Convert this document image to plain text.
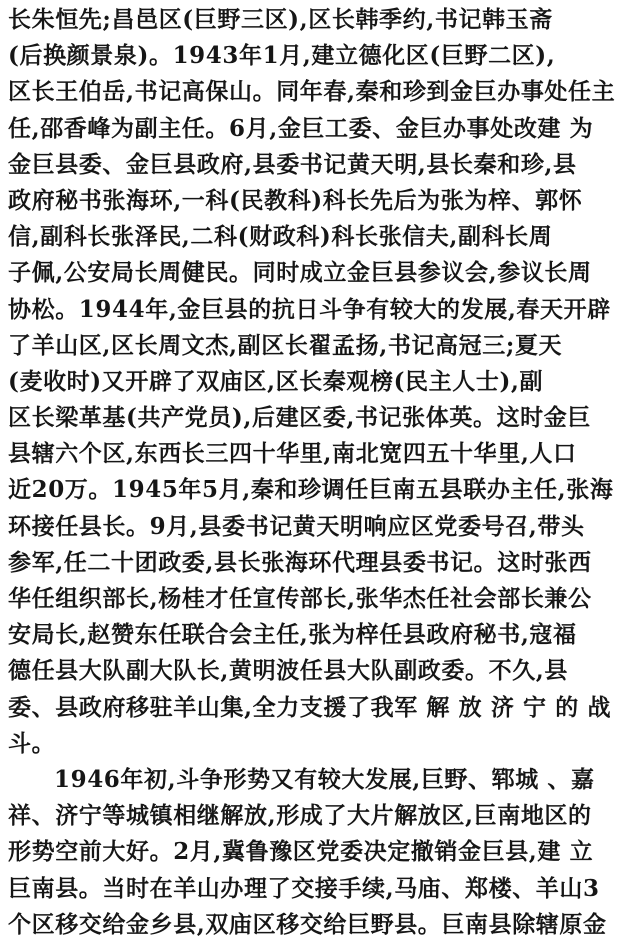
长朱恒先;昌邑区(巨野三区),区长韩季约,书记韩玉斋
(后换颜景泉)。1943年1月,建立德化区(巨野二区),
区长王伯岳,书记高保山。同年春,秦和珍到金巨办事处任主
任,邵香峰为副主任。6月,金巨工委、金巨办事处改建 为
金巨县委、金巨县政府,县委书记黄天明,县长秦和珍,县
政府秘书张海环,一科(民教科)科长先后为张为梓、郭怀
信,副科长张泽民,二科(财政科)科长张信夫,副科长周
子佩,公安局长周健民。同时成立金巨县参议会,参议长周
协松。1944年,金巨县的抗日斗争有较大的发展,春天开辟
了羊山区,区长周文杰,副区长翟孟扬,书记高冠三;夏天
(麦收时)又开辟了双庙区,区长秦观榜(民主人士),副
区长梁革基(共产党员),后建区委,书记张体英。这时金巨
县辖六个区,东西长三四十华里,南北宽四五十华里,人口
近20万。1945年5月,秦和珍调任巨南五县联办主任,张海
环接任县长。9月,县委书记黄天明响应区党委号召,带头
参军,任二十团政委,县长张海环代理县委书记。这时张西
华任组织部长,杨桂才任宣传部长,张华杰任社会部长兼公
安局长,赵赞东任联合会主任,张为梓任县政府秘书,寇福
德任县大队副大队长,黄明波任县大队副政委。不久,县
委、县政府移驻羊山集,全力支援了我军 解 放 济 宁 的 战
斗。
1946年初,斗争形势又有较大发展,巨野、郓城 、嘉
祥、济宁等城镇相继解放,形成了大片解放区,巨南地区的
形势空前大好。2月,冀鲁豫区党委决定撤销金巨县,建 立
巨南县。当时在羊山办理了交接手续,马庙、郑楼、羊山3
个区移交给金乡县,双庙区移交给巨野县。巨南县除辖原金
